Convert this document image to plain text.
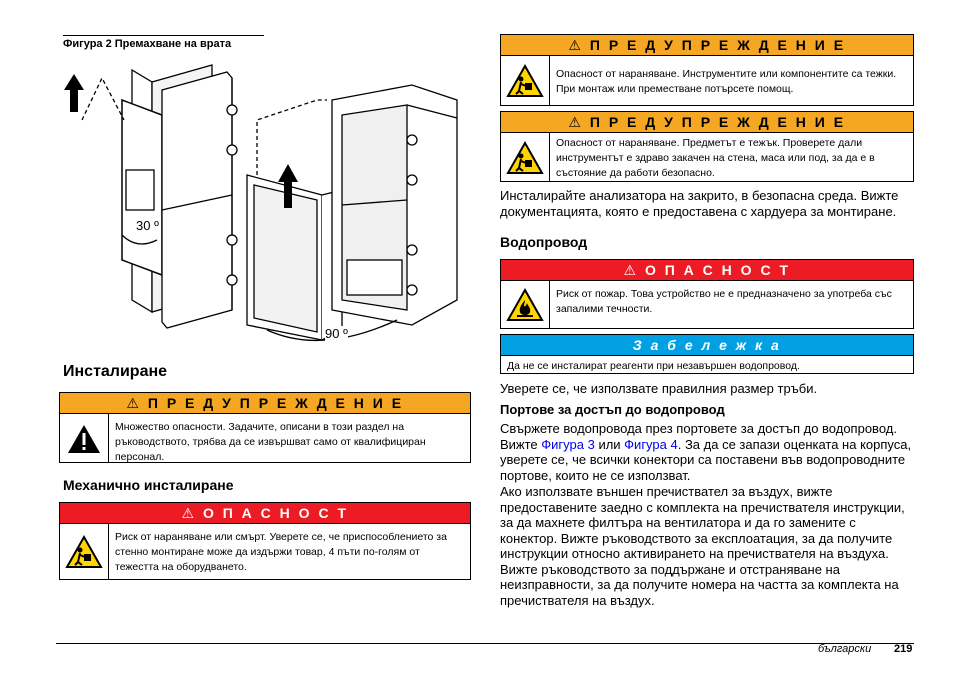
Фигура 2 Премахване на врата
30 º
90 º
Инсталиране
⚠ П Р Е Д У П Р Е Ж Д Е Н И Е
Множество опасности. Задачите, описани в този раздел на ръководството, трябва да се извършват само от квалифициран персонал.
Механично инсталиране
⚠ О П А С Н О С Т
Риск от нараняване или смърт. Уверете се, че приспособлението за стенно монтиране може да издържи товар, 4 пъти по-голям от тежестта на оборудването.
⚠ П Р Е Д У П Р Е Ж Д Е Н И Е
Опасност от нараняване. Инструментите или компонентите са тежки. При монтаж или преместване потърсете помощ.
⚠ П Р Е Д У П Р Е Ж Д Е Н И Е
Опасност от нараняване. Предметът е тежък. Проверете дали инструментът е здраво закачен на стена, маса или под, за да е в състояние да работи безопасно.
Инсталирайте анализатора на закрито, в безопасна среда. Вижте документацията, която е предоставена с хардуера за монтиране.
Водопровод
⚠ О П А С Н О С Т
Риск от пожар. Това устройство не е предназначено за употреба със запалими течности.
З а б е л е ж к а
Да не се инсталират реагенти при незавършен водопровод.
Уверете се, че използвате правилния размер тръби.
Портове за достъп до водопровод
Свържете водопровода през портовете за достъп до водопровод. Вижте Фигура 3 или Фигура 4. За да се запази оценката на корпуса, уверете се, че всички конектори са поставени във водопроводните портове, които не се използват.
Ако използвате външен пречиствател за въздух, вижте предоставените заедно с комплекта на пречиствателя инструкции, за да махнете филтъра на вентилатора и да го замените с конектор. Вижте ръководството за експлоатация, за да получите инструкции относно активирането на пречиствателя на въздуха. Вижте ръководството за поддържане и отстраняване на неизправности, за да получите номера на частта за комплекта на пречиствателя на въздух.
български 219
